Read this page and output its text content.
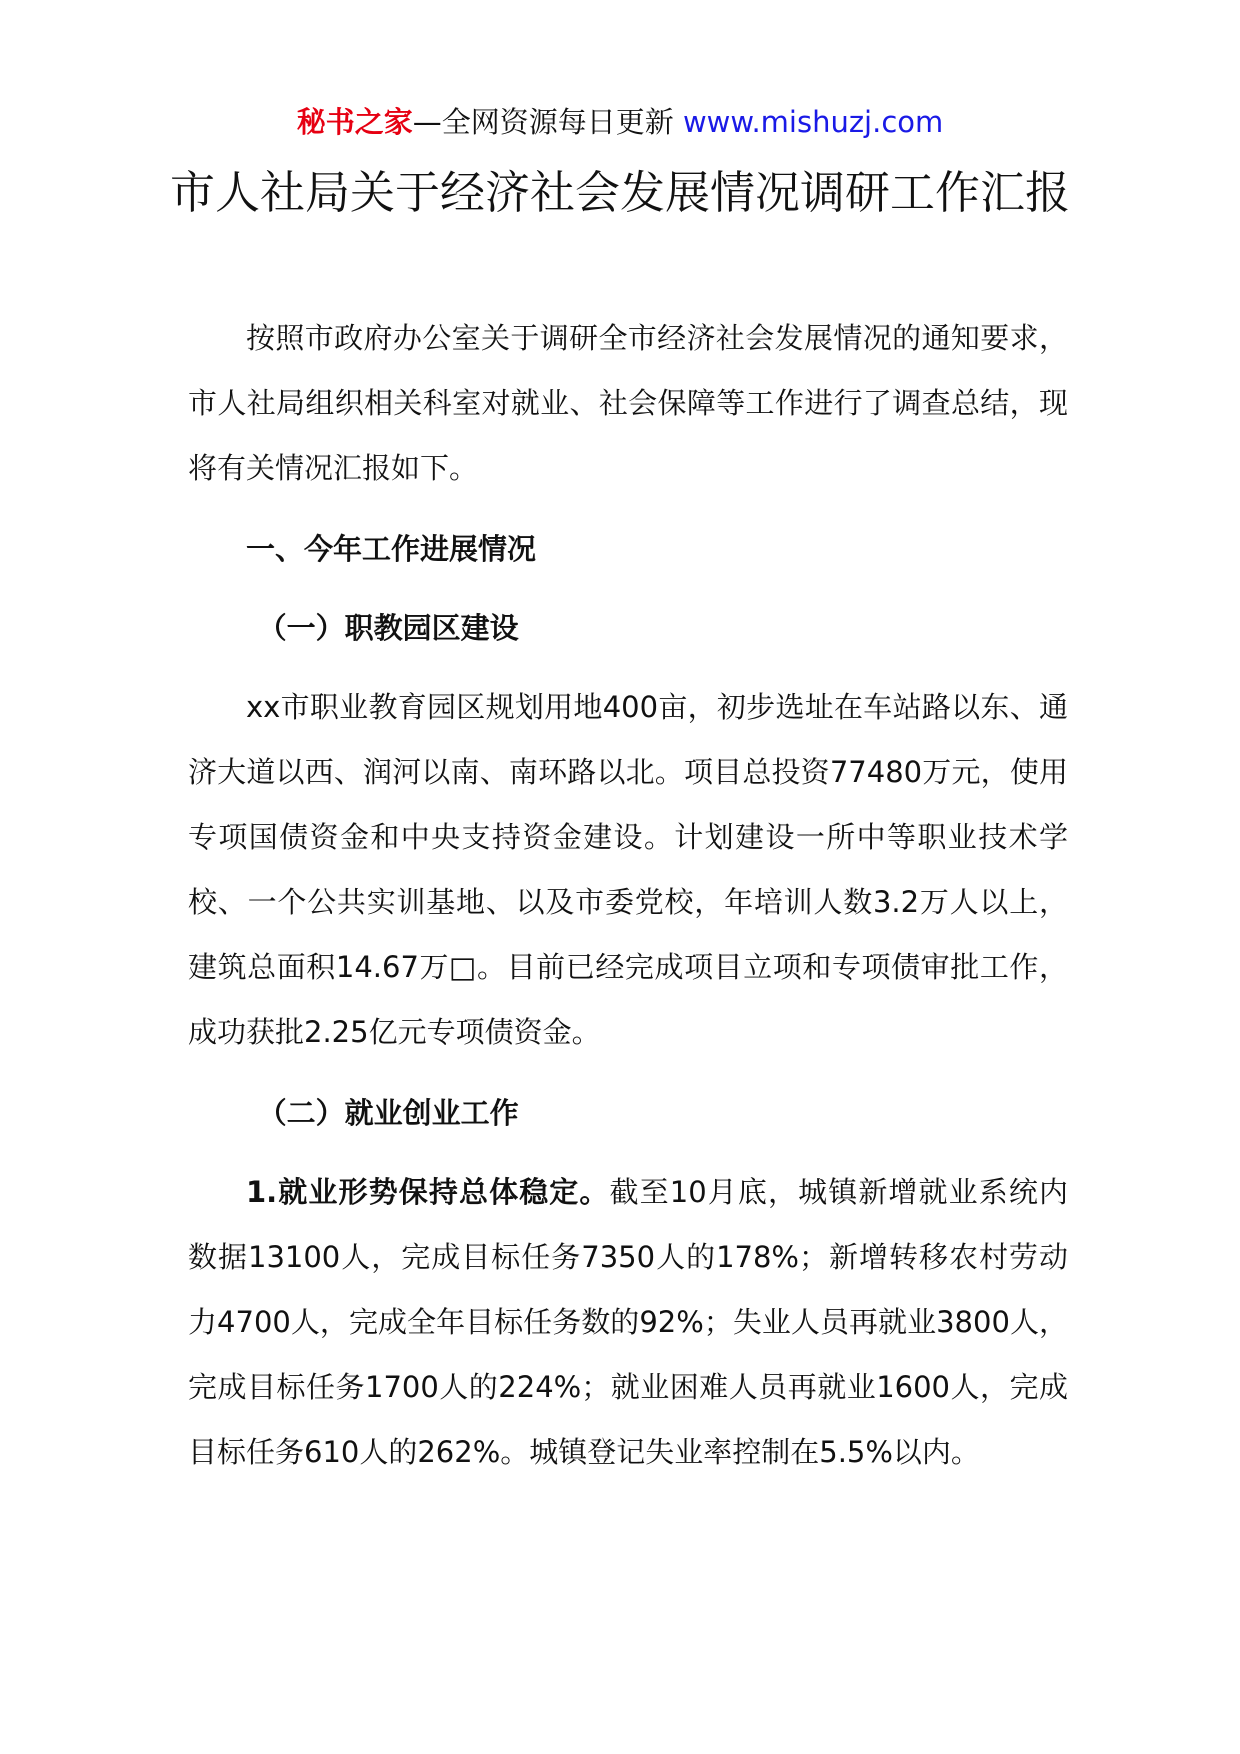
秘书之家—全网资源每日更新 www.mishuzj.com
市人社局关于经济社会发展情况调研工作汇报

按照市政府办公室关于调研全市经济社会发展情况的通知要求，市人社局组织相关科室对就业、社会保障等工作进行了调查总结，现将有关情况汇报如下。

一、今年工作进展情况

（一）职教园区建设

xx市职业教育园区规划用地400亩，初步选址在车站路以东、通济大道以西、润河以南、南环路以北。项目总投资77480万元，使用专项国债资金和中央支持资金建设。计划建设一所中等职业技术学校、一个公共实训基地、以及市委党校，年培训人数3.2万人以上，建筑总面积14.67万□。目前已经完成项目立项和专项债审批工作，成功获批2.25亿元专项债资金。

（二）就业创业工作

1.就业形势保持总体稳定。截至10月底，城镇新增就业系统内数据13100人，完成目标任务7350人的178%；新增转移农村劳动力4700人，完成全年目标任务数的92%；失业人员再就业3800人，完成目标任务1700人的224%；就业困难人员再就业1600人，完成目标任务610人的262%。城镇登记失业率控制在5.5%以内。
